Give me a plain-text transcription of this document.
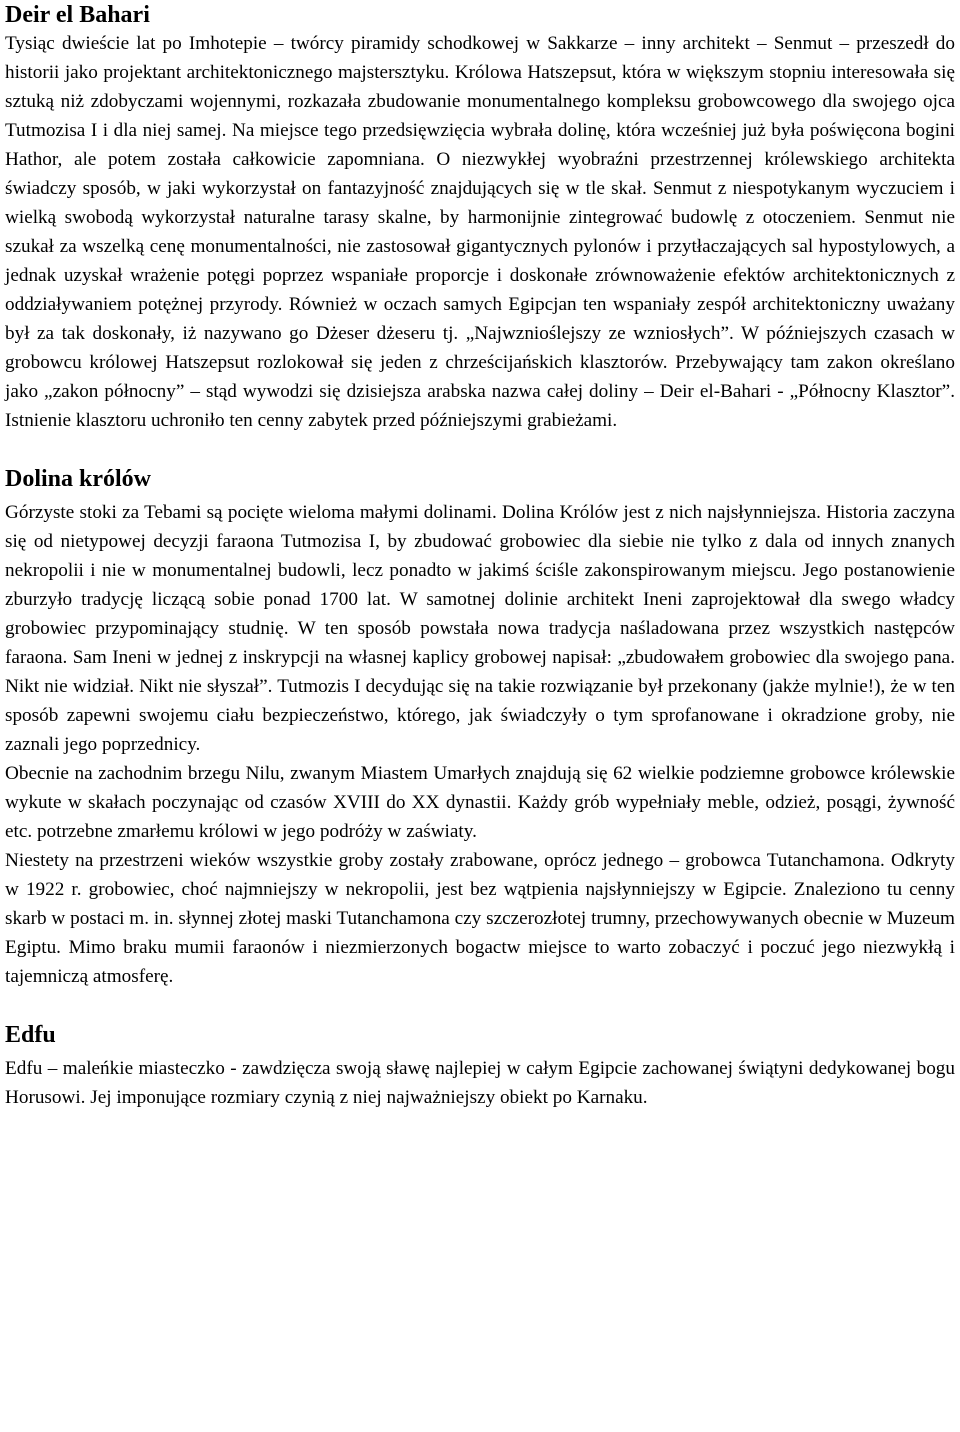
Deir el Bahari

Tysiąc dwieście lat po Imhotepie – twórcy piramidy schodkowej w Sakkarze – inny architekt – Senmut – przeszedł do historii jako projektant architektonicznego majstersztyku. Królowa Hatszepsut, która w większym stopniu interesowała się sztuką niż zdobyczami wojennymi, rozkazała zbudowanie monumentalnego kompleksu grobowcowego dla swojego ojca Tutmozisa I i dla niej samej. Na miejsce tego przedsięwzięcia wybrała dolinę, która wcześniej już była poświęcona bogini Hathor, ale potem została całkowicie zapomniana. O niezwykłej wyobraźni przestrzennej królewskiego architekta świadczy sposób, w jaki wykorzystał on fantazyjność znajdujących się w tle skał. Senmut z niespotykanym wyczuciem i wielką swobodą wykorzystał naturalne tarasy skalne, by harmonijnie zintegrować budowlę z otoczeniem. Senmut nie szukał za wszelką cenę monumentalności, nie zastosował gigantycznych pylonów i przytłaczających sal hypostylowych, a jednak uzyskał wrażenie potęgi poprzez wspaniałe proporcje i doskonałe zrównoważenie efektów architektonicznych z oddziaływaniem potężnej przyrody. Również w oczach samych Egipcjan ten wspaniały zespół architektoniczny uważany był za tak doskonały, iż nazywano go Dżeser dżeseru tj. „Najwznioślejszy ze wzniosłych”. W późniejszych czasach w grobowcu królowej Hatszepsut rozlokował się jeden z chrześcijańskich klasztorów. Przebywający tam zakon określano jako „zakon północny” – stąd wywodzi się dzisiejsza arabska nazwa całej doliny – Deir el-Bahari - „Północny Klasztor”. Istnienie klasztoru uchroniło ten cenny zabytek przed późniejszymi grabieżami.

Dolina królów

Górzyste stoki za Tebami są pocięte wieloma małymi dolinami. Dolina Królów jest z nich najsłynniejsza. Historia zaczyna się od nietypowej decyzji faraona Tutmozisa I, by zbudować grobowiec dla siebie nie tylko z dala od innych znanych nekropolii i nie w monumentalnej budowli, lecz ponadto w jakimś ściśle zakonspirowanym miejscu. Jego postanowienie zburzyło tradycję liczącą sobie ponad 1700 lat. W samotnej dolinie architekt Ineni zaprojektował dla swego władcy grobowiec przypominający studnię. W ten sposób powstała nowa tradycja naśladowana przez wszystkich następców faraona. Sam Ineni w jednej z inskrypcji na własnej kaplicy grobowej napisał: „zbudowałem grobowiec dla swojego pana. Nikt nie widział. Nikt nie słyszał”. Tutmozis I decydując się na takie rozwiązanie był przekonany (jakże mylnie!), że w ten sposób zapewni swojemu ciału bezpieczeństwo, którego, jak świadczyły o tym sprofanowane i okradzione groby, nie zaznali jego poprzednicy.

Obecnie na zachodnim brzegu Nilu, zwanym Miastem Umarłych znajdują się 62 wielkie podziemne grobowce królewskie wykute w skałach poczynając od czasów XVIII do XX dynastii. Każdy grób wypełniały meble, odzież, posągi, żywność etc. potrzebne zmarłemu królowi w jego podróży w zaświaty.

Niestety na przestrzeni wieków wszystkie groby zostały zrabowane, oprócz jednego – grobowca Tutanchamona. Odkryty w 1922 r. grobowiec, choć najmniejszy w nekropolii, jest bez wątpienia najsłynniejszy w Egipcie. Znaleziono tu cenny skarb w postaci m. in. słynnej złotej maski Tutanchamona czy szczerozłotej trumny, przechowywanych obecnie w Muzeum Egiptu. Mimo braku mumii faraonów i niezmierzonych bogactw miejsce to warto zobaczyć i poczuć jego niezwykłą i tajemniczą atmosferę.

Edfu

Edfu – maleńkie miasteczko - zawdzięcza swoją sławę najlepiej w całym Egipcie zachowanej świątyni dedykowanej bogu Horusowi. Jej imponujące rozmiary czynią z niej najważniejszy obiekt po Karnaku.
